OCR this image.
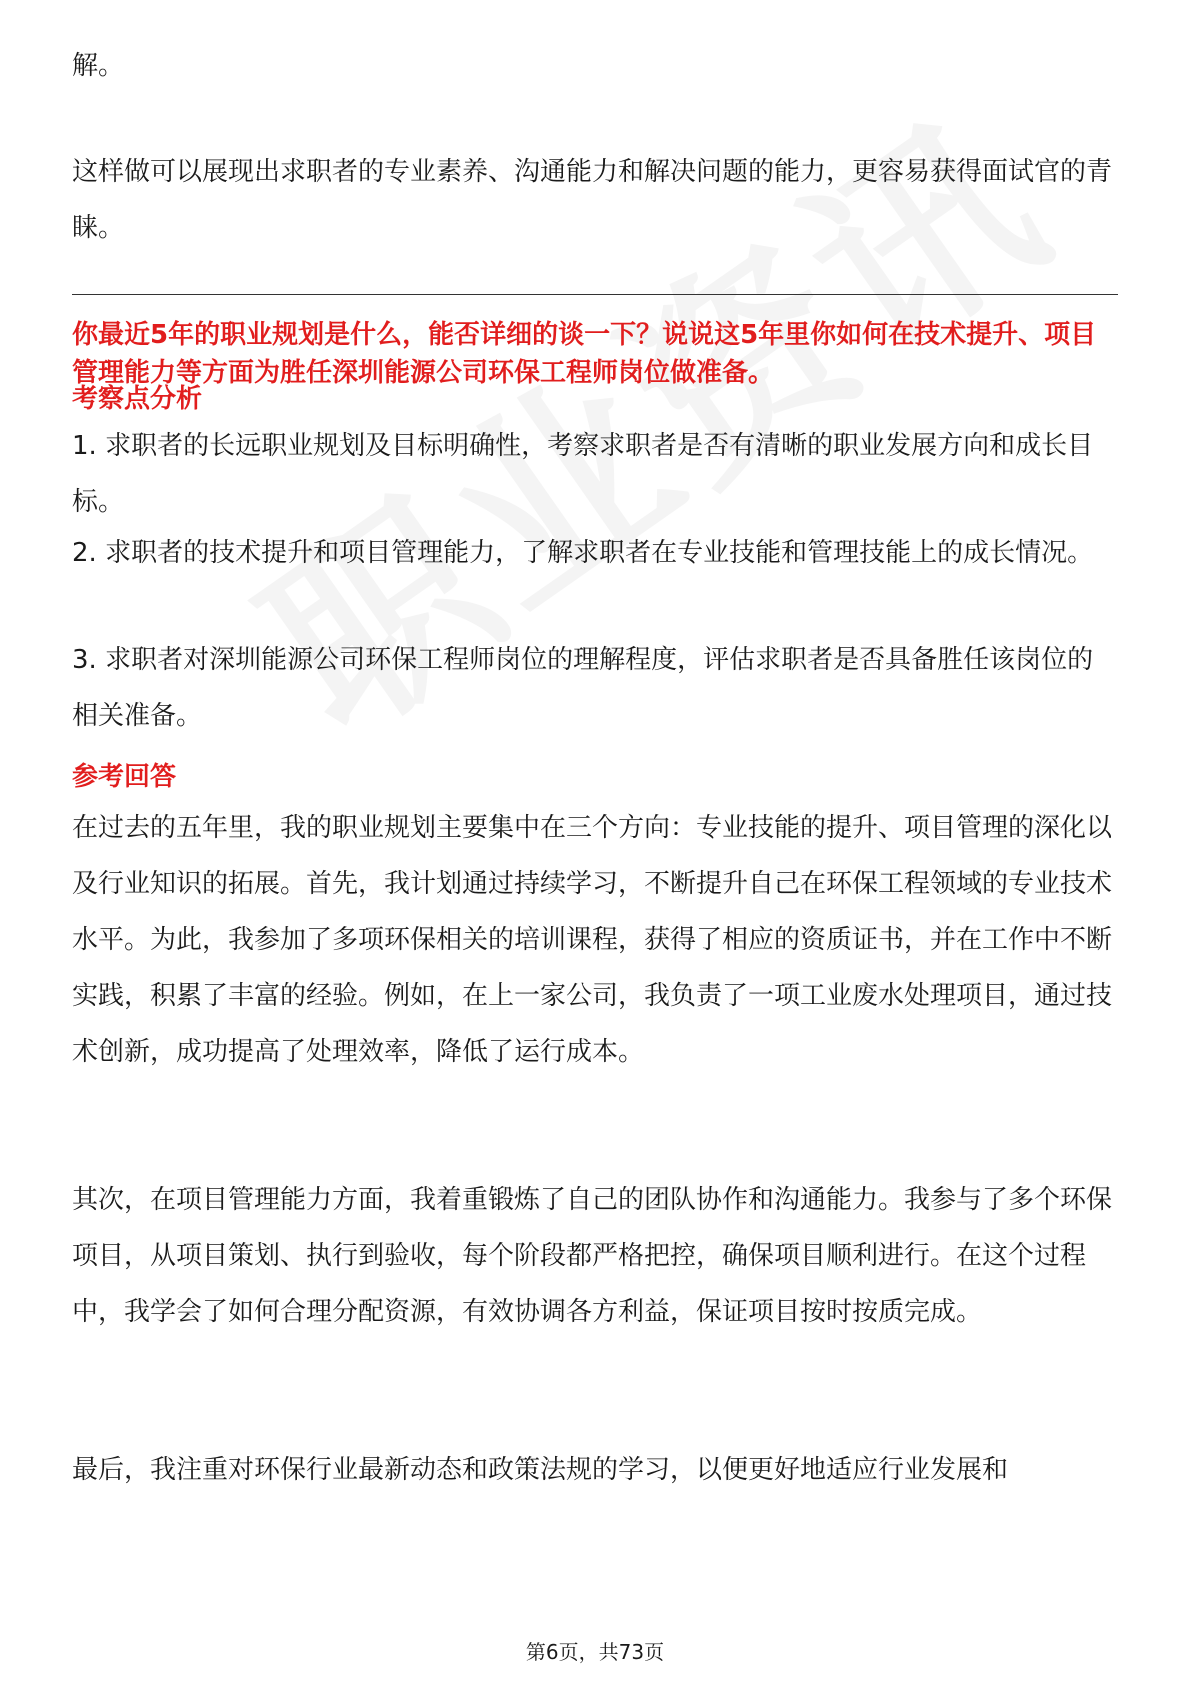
解。

这样做可以展现出求职者的专业素养、沟通能力和解决问题的能力，更容易获得面试官的青睐。

你最近5年的职业规划是什么，能否详细的谈一下？说说这5年里你如何在技术提升、项目管理能力等方面为胜任深圳能源公司环保工程师岗位做准备。

考察点分析

1. 求职者的长远职业规划及目标明确性，考察求职者是否有清晰的职业发展方向和成长目标。

2. 求职者的技术提升和项目管理能力，了解求职者在专业技能和管理技能上的成长情况。

3. 求职者对深圳能源公司环保工程师岗位的理解程度，评估求职者是否具备胜任该岗位的相关准备。

参考回答

在过去的五年里，我的职业规划主要集中在三个方向：专业技能的提升、项目管理的深化以及行业知识的拓展。首先，我计划通过持续学习，不断提升自己在环保工程领域的专业技术水平。为此，我参加了多项环保相关的培训课程，获得了相应的资质证书，并在工作中不断实践，积累了丰富的经验。例如，在上一家公司，我负责了一项工业废水处理项目，通过技术创新，成功提高了处理效率，降低了运行成本。

其次，在项目管理能力方面，我着重锻炼了自己的团队协作和沟通能力。我参与了多个环保项目，从项目策划、执行到验收，每个阶段都严格把控，确保项目顺利进行。在这个过程中，我学会了如何合理分配资源，有效协调各方利益，保证项目按时按质完成。

最后，我注重对环保行业最新动态和政策法规的学习，以便更好地适应行业发展和

第6页，共73页
